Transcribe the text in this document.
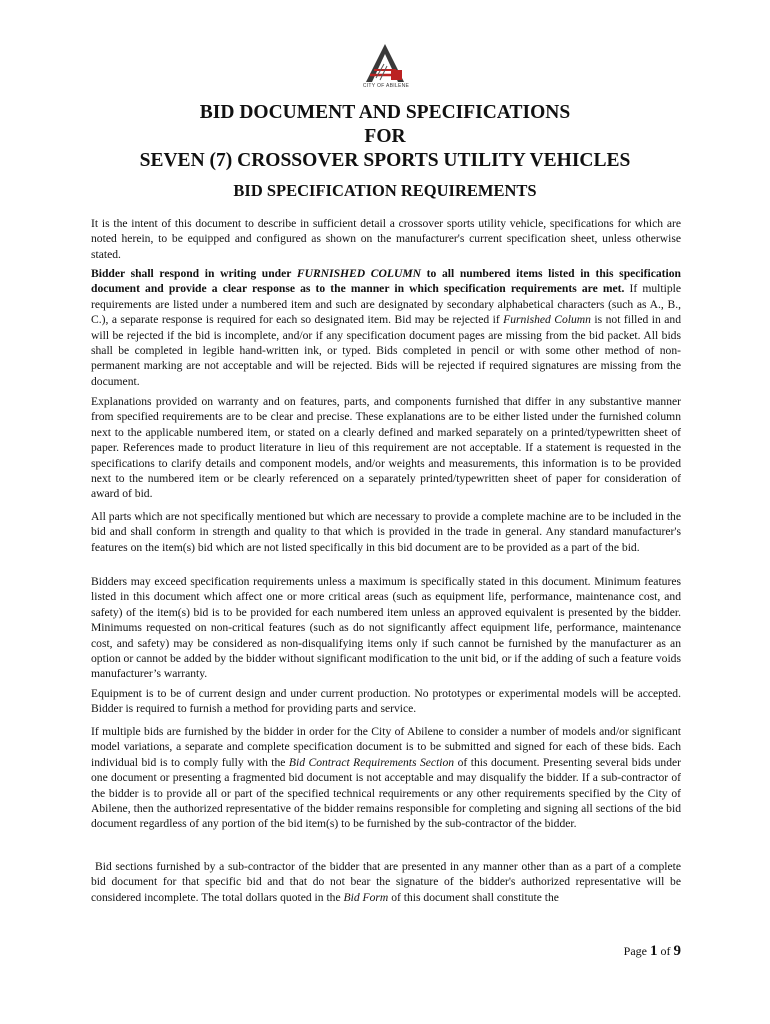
CITY OF ABILENE
BID DOCUMENT AND SPECIFICATIONS
FOR
SEVEN (7) CROSSOVER SPORTS UTILITY VEHICLES
BID SPECIFICATION REQUIREMENTS
It is the intent of this document to describe in sufficient detail a crossover sports utility vehicle, specifications for which are noted herein, to be equipped and configured as shown on the manufacturer's current specification sheet, unless otherwise stated.
Bidder shall respond in writing under FURNISHED COLUMN to all numbered items listed in this specification document and provide a clear response as to the manner in which specification requirements are met. If multiple requirements are listed under a numbered item and such are designated by secondary alphabetical characters (such as A., B., C.), a separate response is required for each so designated item. Bid may be rejected if Furnished Column is not filled in and will be rejected if the bid is incomplete, and/or if any specification document pages are missing from the bid packet. All bids shall be completed in legible hand-written ink, or typed. Bids completed in pencil or with some other method of non-permanent marking are not acceptable and will be rejected. Bids will be rejected if required signatures are missing from the document.
Explanations provided on warranty and on features, parts, and components furnished that differ in any substantive manner from specified requirements are to be clear and precise. These explanations are to be either listed under the furnished column next to the applicable numbered item, or stated on a clearly defined and marked separately on a printed/typewritten sheet of paper. References made to product literature in lieu of this requirement are not acceptable. If a statement is requested in the specifications to clarify details and component models, and/or weights and measurements, this information is to be provided next to the numbered item or be clearly referenced on a separately printed/typewritten sheet of paper for consideration of award of bid.
All parts which are not specifically mentioned but which are necessary to provide a complete machine are to be included in the bid and shall conform in strength and quality to that which is provided in the trade in general. Any standard manufacturer's features on the item(s) bid which are not listed specifically in this bid document are to be provided as a part of the bid.
Bidders may exceed specification requirements unless a maximum is specifically stated in this document. Minimum features listed in this document which affect one or more critical areas (such as equipment life, performance, maintenance cost, and safety) of the item(s) bid is to be provided for each numbered item unless an approved equivalent is presented by the bidder. Minimums requested on non-critical features (such as do not significantly affect equipment life, performance, maintenance cost, and safety) may be considered as non-disqualifying items only if such cannot be furnished by the manufacturer as an option or cannot be added by the bidder without significant modification to the unit bid, or if the adding of such a feature voids manufacturer’s warranty.
Equipment is to be of current design and under current production. No prototypes or experimental models will be accepted. Bidder is required to furnish a method for providing parts and service.
If multiple bids are furnished by the bidder in order for the City of Abilene to consider a number of models and/or significant model variations, a separate and complete specification document is to be submitted and signed for each of these bids. Each individual bid is to comply fully with the Bid Contract Requirements Section of this document. Presenting several bids under one document or presenting a fragmented bid document is not acceptable and may disqualify the bidder. If a sub-contractor of the bidder is to provide all or part of the specified technical requirements or any other requirements specified by the City of Abilene, then the authorized representative of the bidder remains responsible for completing and signing all sections of the bid document regardless of any portion of the bid item(s) to be furnished by the sub-contractor of the bidder.
Bid sections furnished by a sub-contractor of the bidder that are presented in any manner other than as a part of a complete bid document for that specific bid and that do not bear the signature of the bidder's authorized representative will be considered incomplete. The total dollars quoted in the Bid Form of this document shall constitute the
Page 1 of 9
